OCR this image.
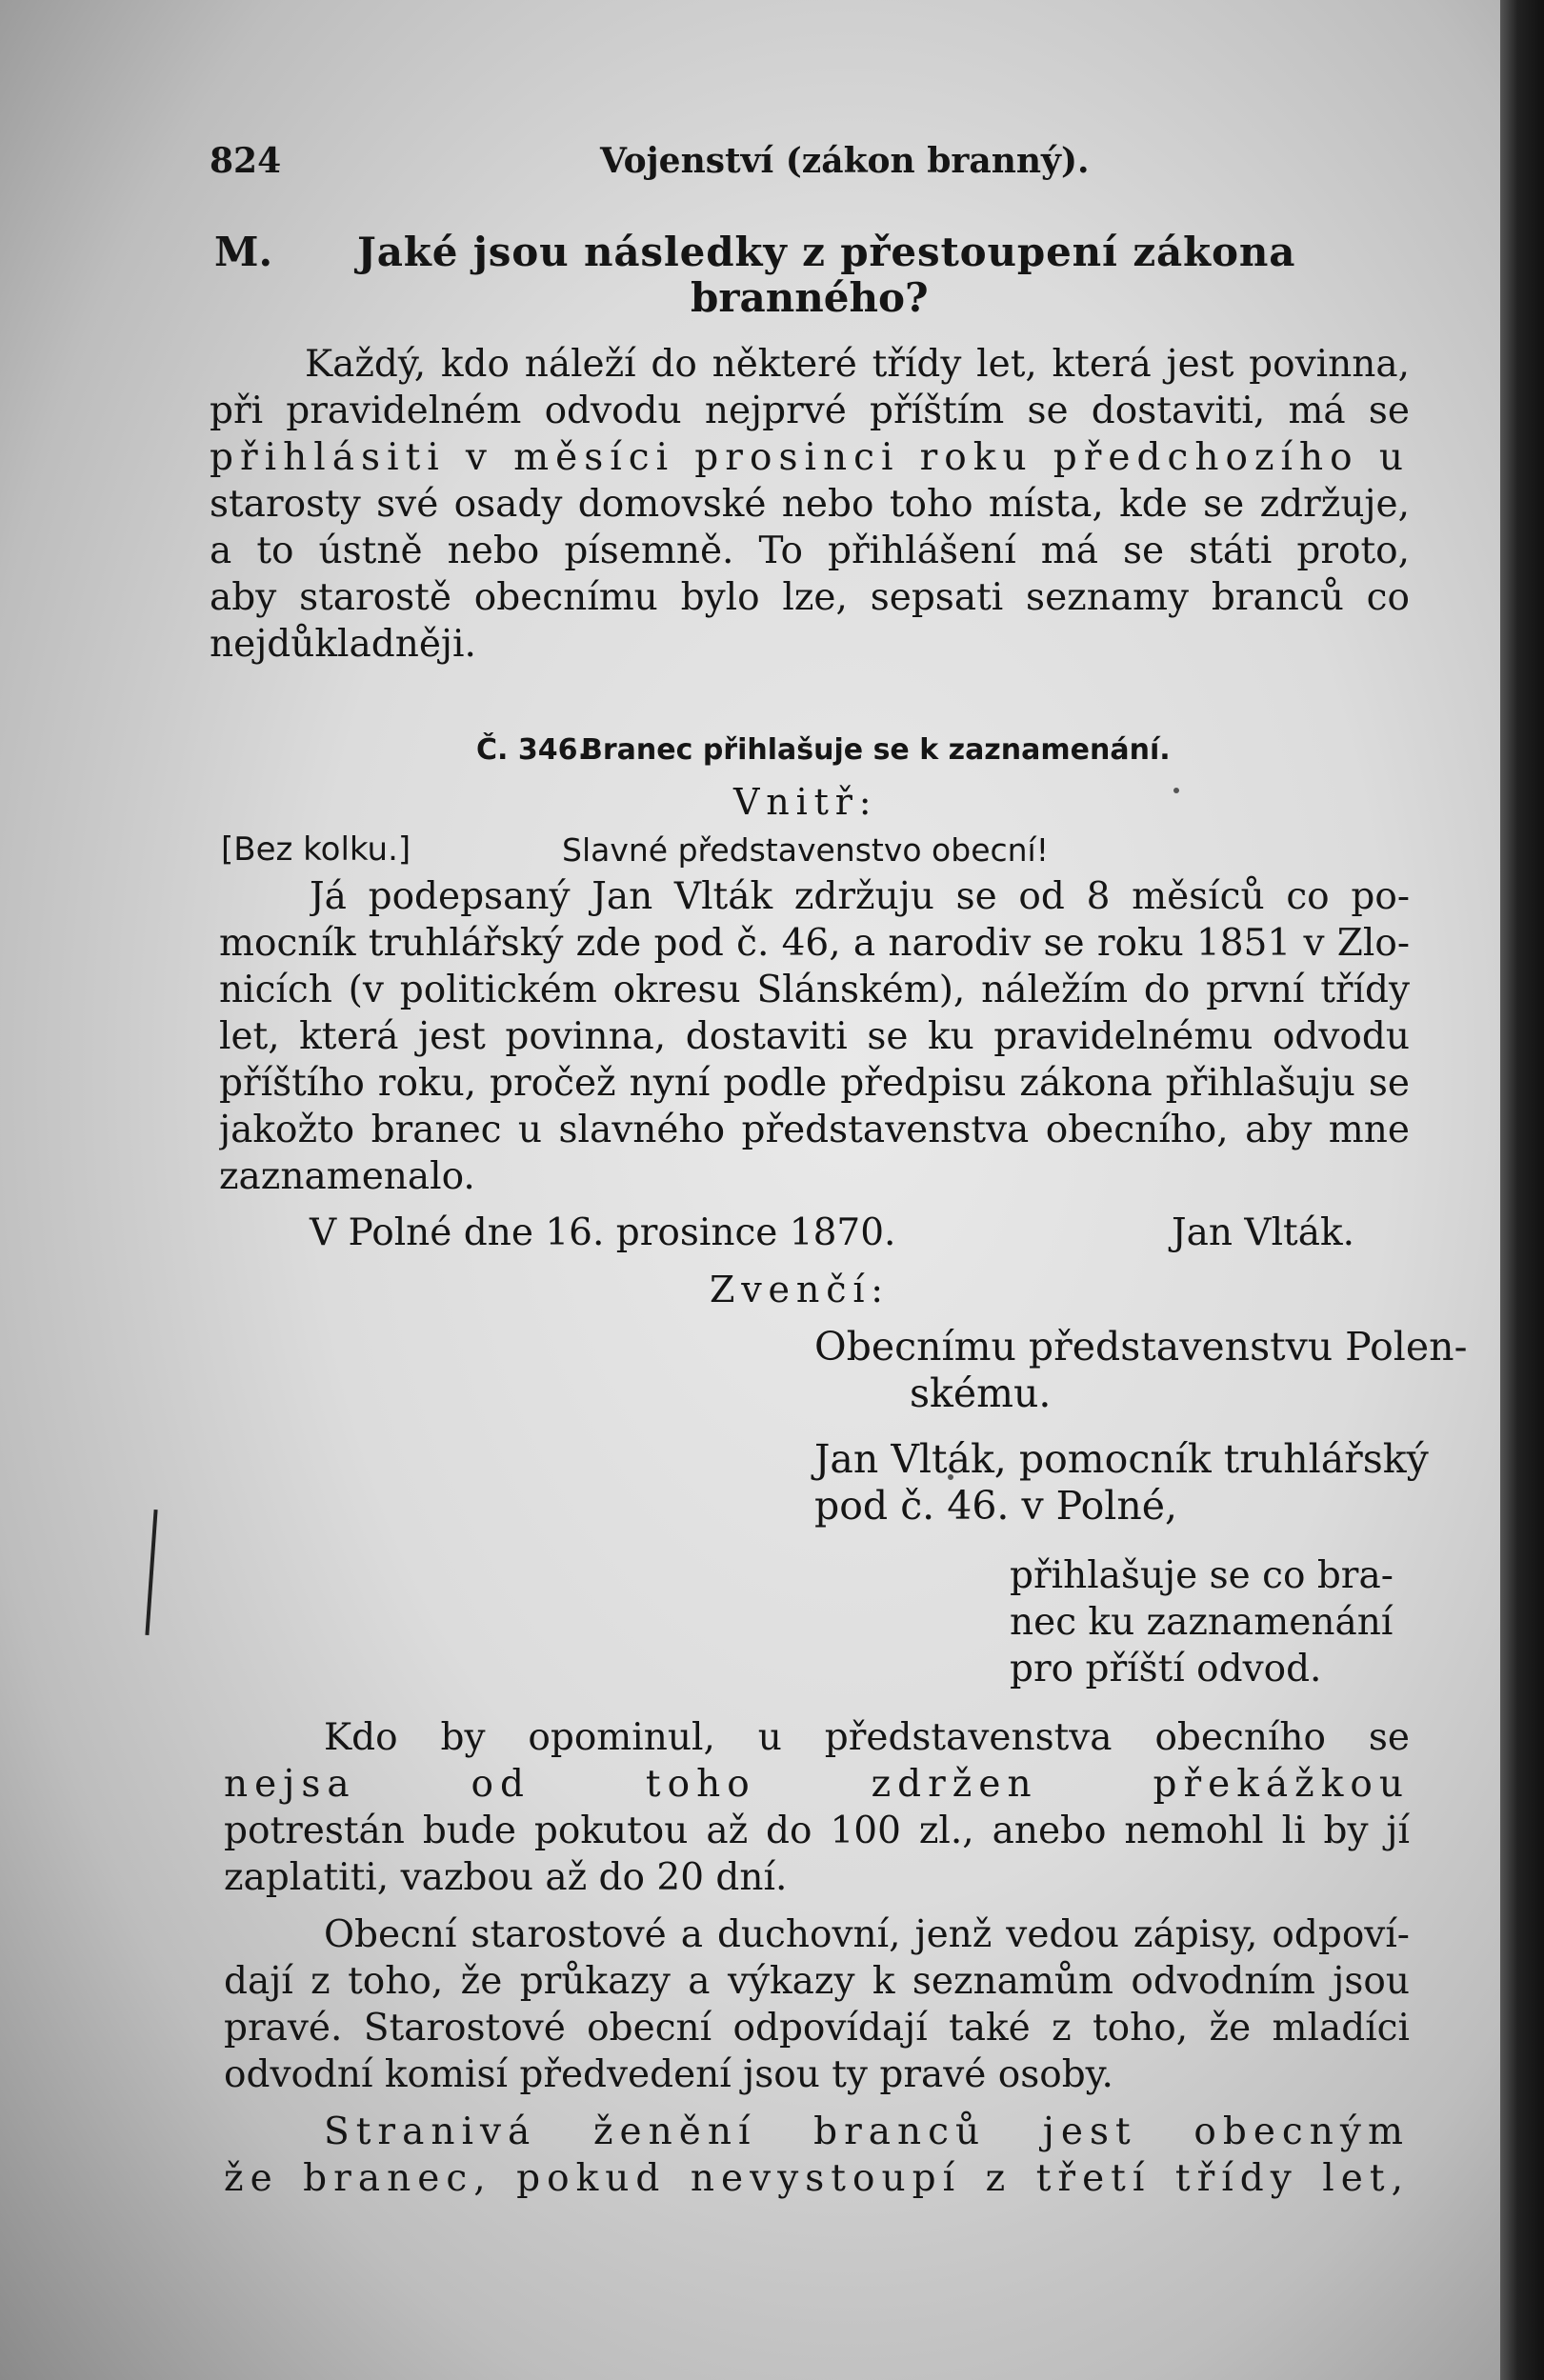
824	Vojenství (zákon branný).
M. Jaké jsou následky z přestoupení zákona
branného?
Každý, kdo náleží do některé třídy let, která jest povinna,
při pravidelném odvodu nejprvé příštím se dostaviti, má se
přihlásiti v měsíci prosinci roku předchozího u
starosty své osady domovské nebo toho místa, kde se zdržuje,
a to ústně nebo písemně. To přihlášení má se státi proto,
aby starostě obecnímu bylo lze, sepsati seznamy branců co
nejdůkladněji.
Č. 346.
Branec přihlašuje se k zaznamenání.
Vnitř:
[Bez kolku.]	Slavné představenstvo obecní!
Já podepsaný Jan Vlták zdržuju se od 8 měsíců co po-
mocník truhlářský zde pod č. 46, a narodiv se roku 1851 v Zlo-
nicích (v politickém okresu Slánském), náležím do první třídy
let, která jest povinna, dostaviti se ku pravidelnému odvodu
příštího roku, pročež nyní podle předpisu zákona přihlašuju se
jakožto branec u slavného představenstva obecního, aby mne
zaznamenalo.
V Polné dne 16. prosince 1870.	Jan Vlták.
Zvenčí:
Obecnímu představenstvu Polen-
skému.
Jan Vlták, pomocník truhlářský
pod č. 46. v Polné,
přihlašuje se co bra-
nec ku zaznamenání
pro příští odvod.
Kdo by opominul, u představenstva obecního se
nejsa od toho zdržen překážkou
potrestán bude pokutou až do 100 zl., anebo nemohl li by jí
zaplatiti, vazbou až do 20 dní.
Obecní starostové a duchovní, jenž vedou zápisy, odpoví-
dají z toho, že průkazy a výkazy k seznamům odvodním jsou
pravé. Starostové obecní odpovídají také z toho, že mladíci
odvodní komisí předvedení jsou ty pravé osoby.
Stranivá ženění branců jest obecným
že branec, pokud nevystoupí z třetí třídy let,
